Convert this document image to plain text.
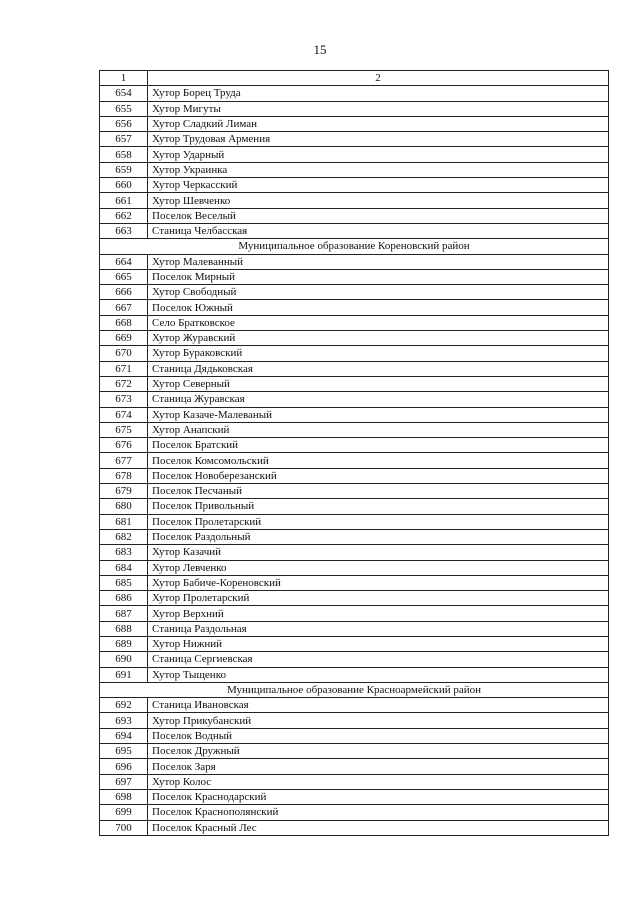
15
1	2
654	Хутор Борец Труда
655	Хутор Мигуты
656	Хутор Сладкий Лиман
657	Хутор Трудовая Армения
658	Хутор Ударный
659	Хутор Украинка
660	Хутор Черкасский
661	Хутор Шевченко
662	Поселок Веселый
663	Станица Челбасская
Муниципальное образование Кореновский район	
664	Хутор Малеванный
665	Поселок Мирный
666	Хутор Свободный
667	Поселок Южный
668	Село Братковское
669	Хутор Журавский
670	Хутор Бураковский
671	Станица Дядьковская
672	Хутор Северный
673	Станица Журавская
674	Хутор Казаче-Малеваный
675	Хутор Анапский
676	Поселок Братский
677	Поселок Комсомольский
678	Поселок Новоберезанский
679	Поселок Песчаный
680	Поселок Привольный
681	Поселок Пролетарский
682	Поселок Раздольный
683	Хутор Казачий
684	Хутор Левченко
685	Хутор Бабиче-Кореновский
686	Хутор Пролетарский
687	Хутор Верхний
688	Станица Раздольная
689	Хутор Нижний
690	Станица Сергиевская
691	Хутор Тыщенко
Муниципальное образование Красноармейский район	
692	Станица Ивановская
693	Хутор Прикубанский
694	Поселок Водный
695	Поселок Дружный
696	Поселок Заря
697	Хутор Колос
698	Поселок Краснодарский
699	Поселок Краснополянский
700	Поселок Красный Лес
